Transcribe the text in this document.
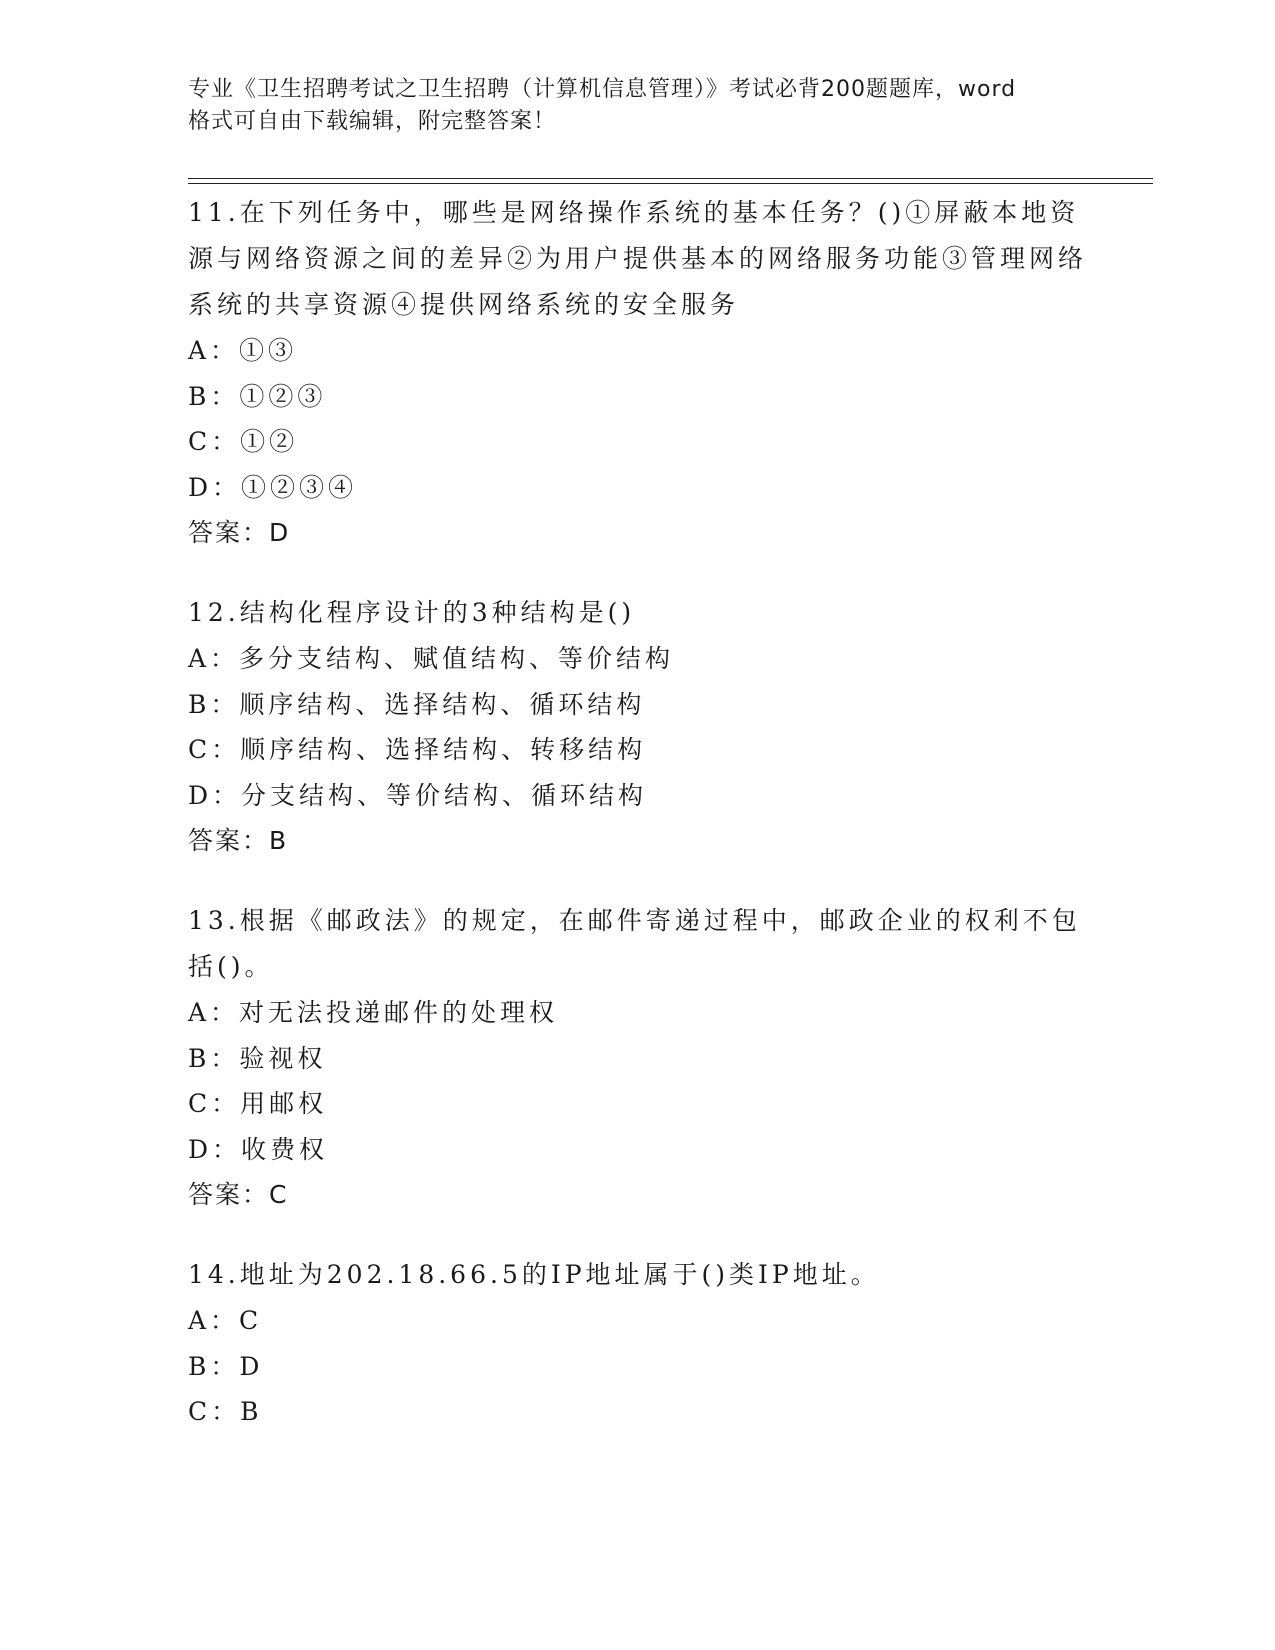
专业《卫生招聘考试之卫生招聘（计算机信息管理）》考试必背200题题库，word
格式可自由下载编辑，附完整答案！
11.在下列任务中，哪些是网络操作系统的基本任务？()①屏蔽本地资源与网络资源之间的差异②为用户提供基本的网络服务功能③管理网络系统的共享资源④提供网络系统的安全服务
A：①③
B：①②③
C：①②
D：①②③④
答案：D
12.结构化程序设计的3种结构是()
A：多分支结构、赋值结构、等价结构
B：顺序结构、选择结构、循环结构
C：顺序结构、选择结构、转移结构
D：分支结构、等价结构、循环结构
答案：B
13.根据《邮政法》的规定，在邮件寄递过程中，邮政企业的权利不包括()。
A：对无法投递邮件的处理权
B：验视权
C：用邮权
D：收费权
答案：C
14.地址为202.18.66.5的IP地址属于()类IP地址。
A：C
B：D
C：B
